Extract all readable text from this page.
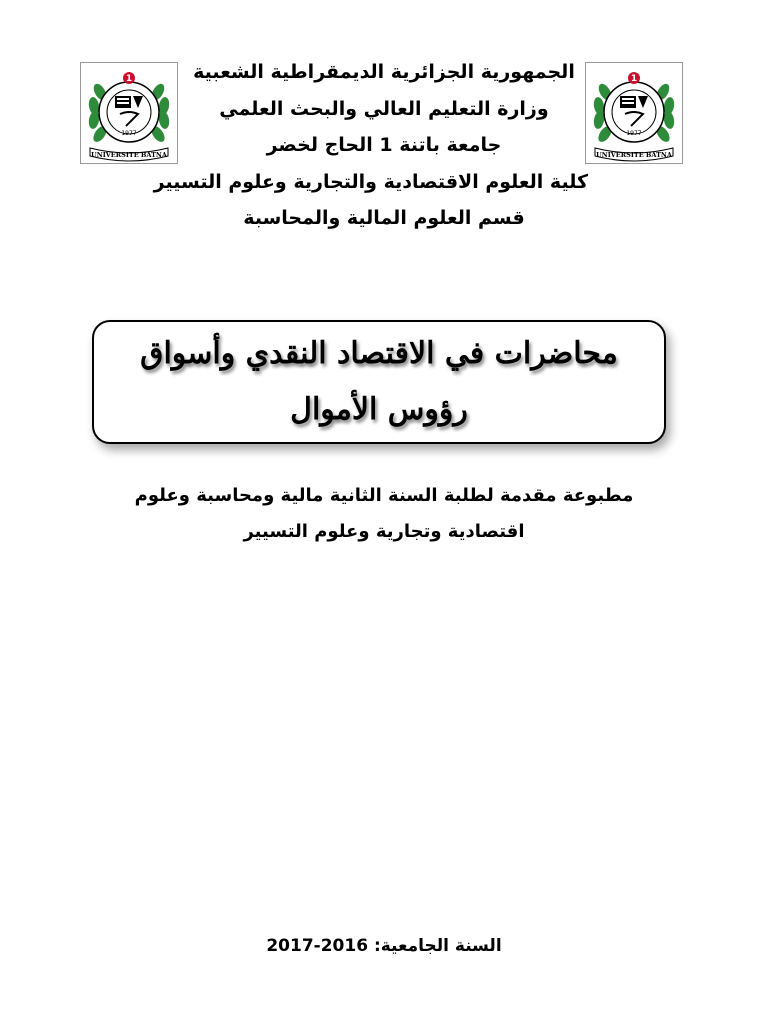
1977
1
UNIVERSITE BATNA
1977
1
UNIVERSITE BATNA
الجمهورية الجزائرية الديمقراطية الشعبية
وزارة التعليم العالي والبحث العلمي
جامعة باتنة 1 الحاج لخضر
كلية العلوم الاقتصادية والتجارية وعلوم التسيير
قسم العلوم المالية والمحاسبة
محاضرات في الاقتصاد النقدي وأسواق رؤوس الأموال
مطبوعة مقدمة لطلبة السنة الثانية مالية ومحاسبة وعلوم اقتصادية وتجارية وعلوم التسيير
السنة الجامعية: 2017-2016
